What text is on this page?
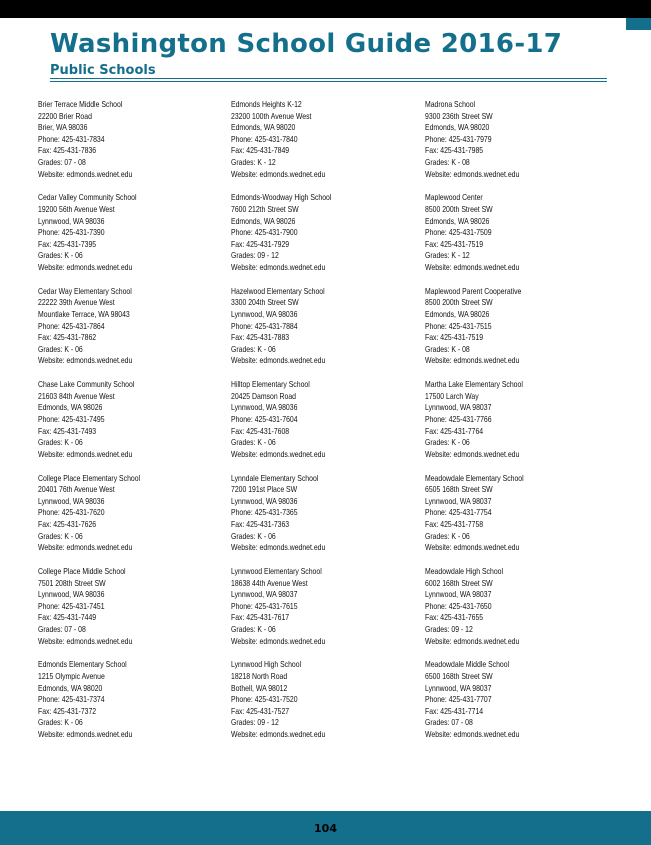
Washington School Guide 2016-17
Public Schools
Brier Terrace Middle School
22200 Brier Road
Brier, WA 98036
Phone: 425-431-7834
Fax: 425-431-7836
Grades: 07 - 08
Website: edmonds.wednet.edu
Cedar Valley Community School
19200 56th Avenue West
Lynnwood, WA 98036
Phone: 425-431-7390
Fax: 425-431-7395
Grades: K - 06
Website: edmonds.wednet.edu
Cedar Way Elementary School
22222 39th Avenue West
Mountlake Terrace, WA 98043
Phone: 425-431-7864
Fax: 425-431-7862
Grades: K - 06
Website: edmonds.wednet.edu
Chase Lake Community School
21603 84th Avenue West
Edmonds, WA 98026
Phone: 425-431-7495
Fax: 425-431-7493
Grades: K - 06
Website: edmonds.wednet.edu
College Place Elementary School
20401 76th Avenue West
Lynnwood, WA 98036
Phone: 425-431-7620
Fax: 425-431-7626
Grades: K - 06
Website: edmonds.wednet.edu
College Place Middle School
7501 208th Street SW
Lynnwood, WA 98036
Phone: 425-431-7451
Fax: 425-431-7449
Grades: 07 - 08
Website: edmonds.wednet.edu
Edmonds Elementary School
1215 Olympic Avenue
Edmonds, WA 98020
Phone: 425-431-7374
Fax: 425-431-7372
Grades: K - 06
Website: edmonds.wednet.edu
Edmonds Heights K-12
23200 100th Avenue West
Edmonds, WA 98020
Phone: 425-431-7840
Fax: 425-431-7849
Grades: K - 12
Website: edmonds.wednet.edu
Edmonds-Woodway High School
7600 212th Street SW
Edmonds, WA 98026
Phone: 425-431-7900
Fax: 425-431-7929
Grades: 09 - 12
Website: edmonds.wednet.edu
Hazelwood Elementary School
3300 204th Street SW
Lynnwood, WA 98036
Phone: 425-431-7884
Fax: 425-431-7883
Grades: K - 06
Website: edmonds.wednet.edu
Hilltop Elementary School
20425 Damson Road
Lynnwood, WA 98036
Phone: 425-431-7604
Fax: 425-431-7608
Grades: K - 06
Website: edmonds.wednet.edu
Lynndale Elementary School
7200 191st Place SW
Lynnwood, WA 98036
Phone: 425-431-7365
Fax: 425-431-7363
Grades: K - 06
Website: edmonds.wednet.edu
Lynnwood Elementary School
18638 44th Avenue West
Lynnwood, WA 98037
Phone: 425-431-7615
Fax: 425-431-7617
Grades: K - 06
Website: edmonds.wednet.edu
Lynnwood High School
18218 North Road
Bothell, WA 98012
Phone: 425-431-7520
Fax: 425-431-7527
Grades: 09 - 12
Website: edmonds.wednet.edu
Madrona School
9300 236th Street SW
Edmonds, WA 98020
Phone: 425-431-7979
Fax: 425-431-7985
Grades: K - 08
Website: edmonds.wednet.edu
Maplewood Center
8500 200th Street SW
Edmonds, WA 98026
Phone: 425-431-7509
Fax: 425-431-7519
Grades: K - 12
Website: edmonds.wednet.edu
Maplewood Parent Cooperative
8500 200th Street SW
Edmonds, WA 98026
Phone: 425-431-7515
Fax: 425-431-7519
Grades: K - 08
Website: edmonds.wednet.edu
Martha Lake Elementary School
17500 Larch Way
Lynnwood, WA 98037
Phone: 425-431-7766
Fax: 425-431-7764
Grades: K - 06
Website: edmonds.wednet.edu
Meadowdale Elementary School
6505 168th Street SW
Lynnwood, WA 98037
Phone: 425-431-7754
Fax: 425-431-7758
Grades: K - 06
Website: edmonds.wednet.edu
Meadowdale High School
6002 168th Street SW
Lynnwood, WA 98037
Phone: 425-431-7650
Fax: 425-431-7655
Grades: 09 - 12
Website: edmonds.wednet.edu
Meadowdale Middle School
6500 168th Street SW
Lynnwood, WA 98037
Phone: 425-431-7707
Fax: 425-431-7714
Grades: 07 - 08
Website: edmonds.wednet.edu
104
